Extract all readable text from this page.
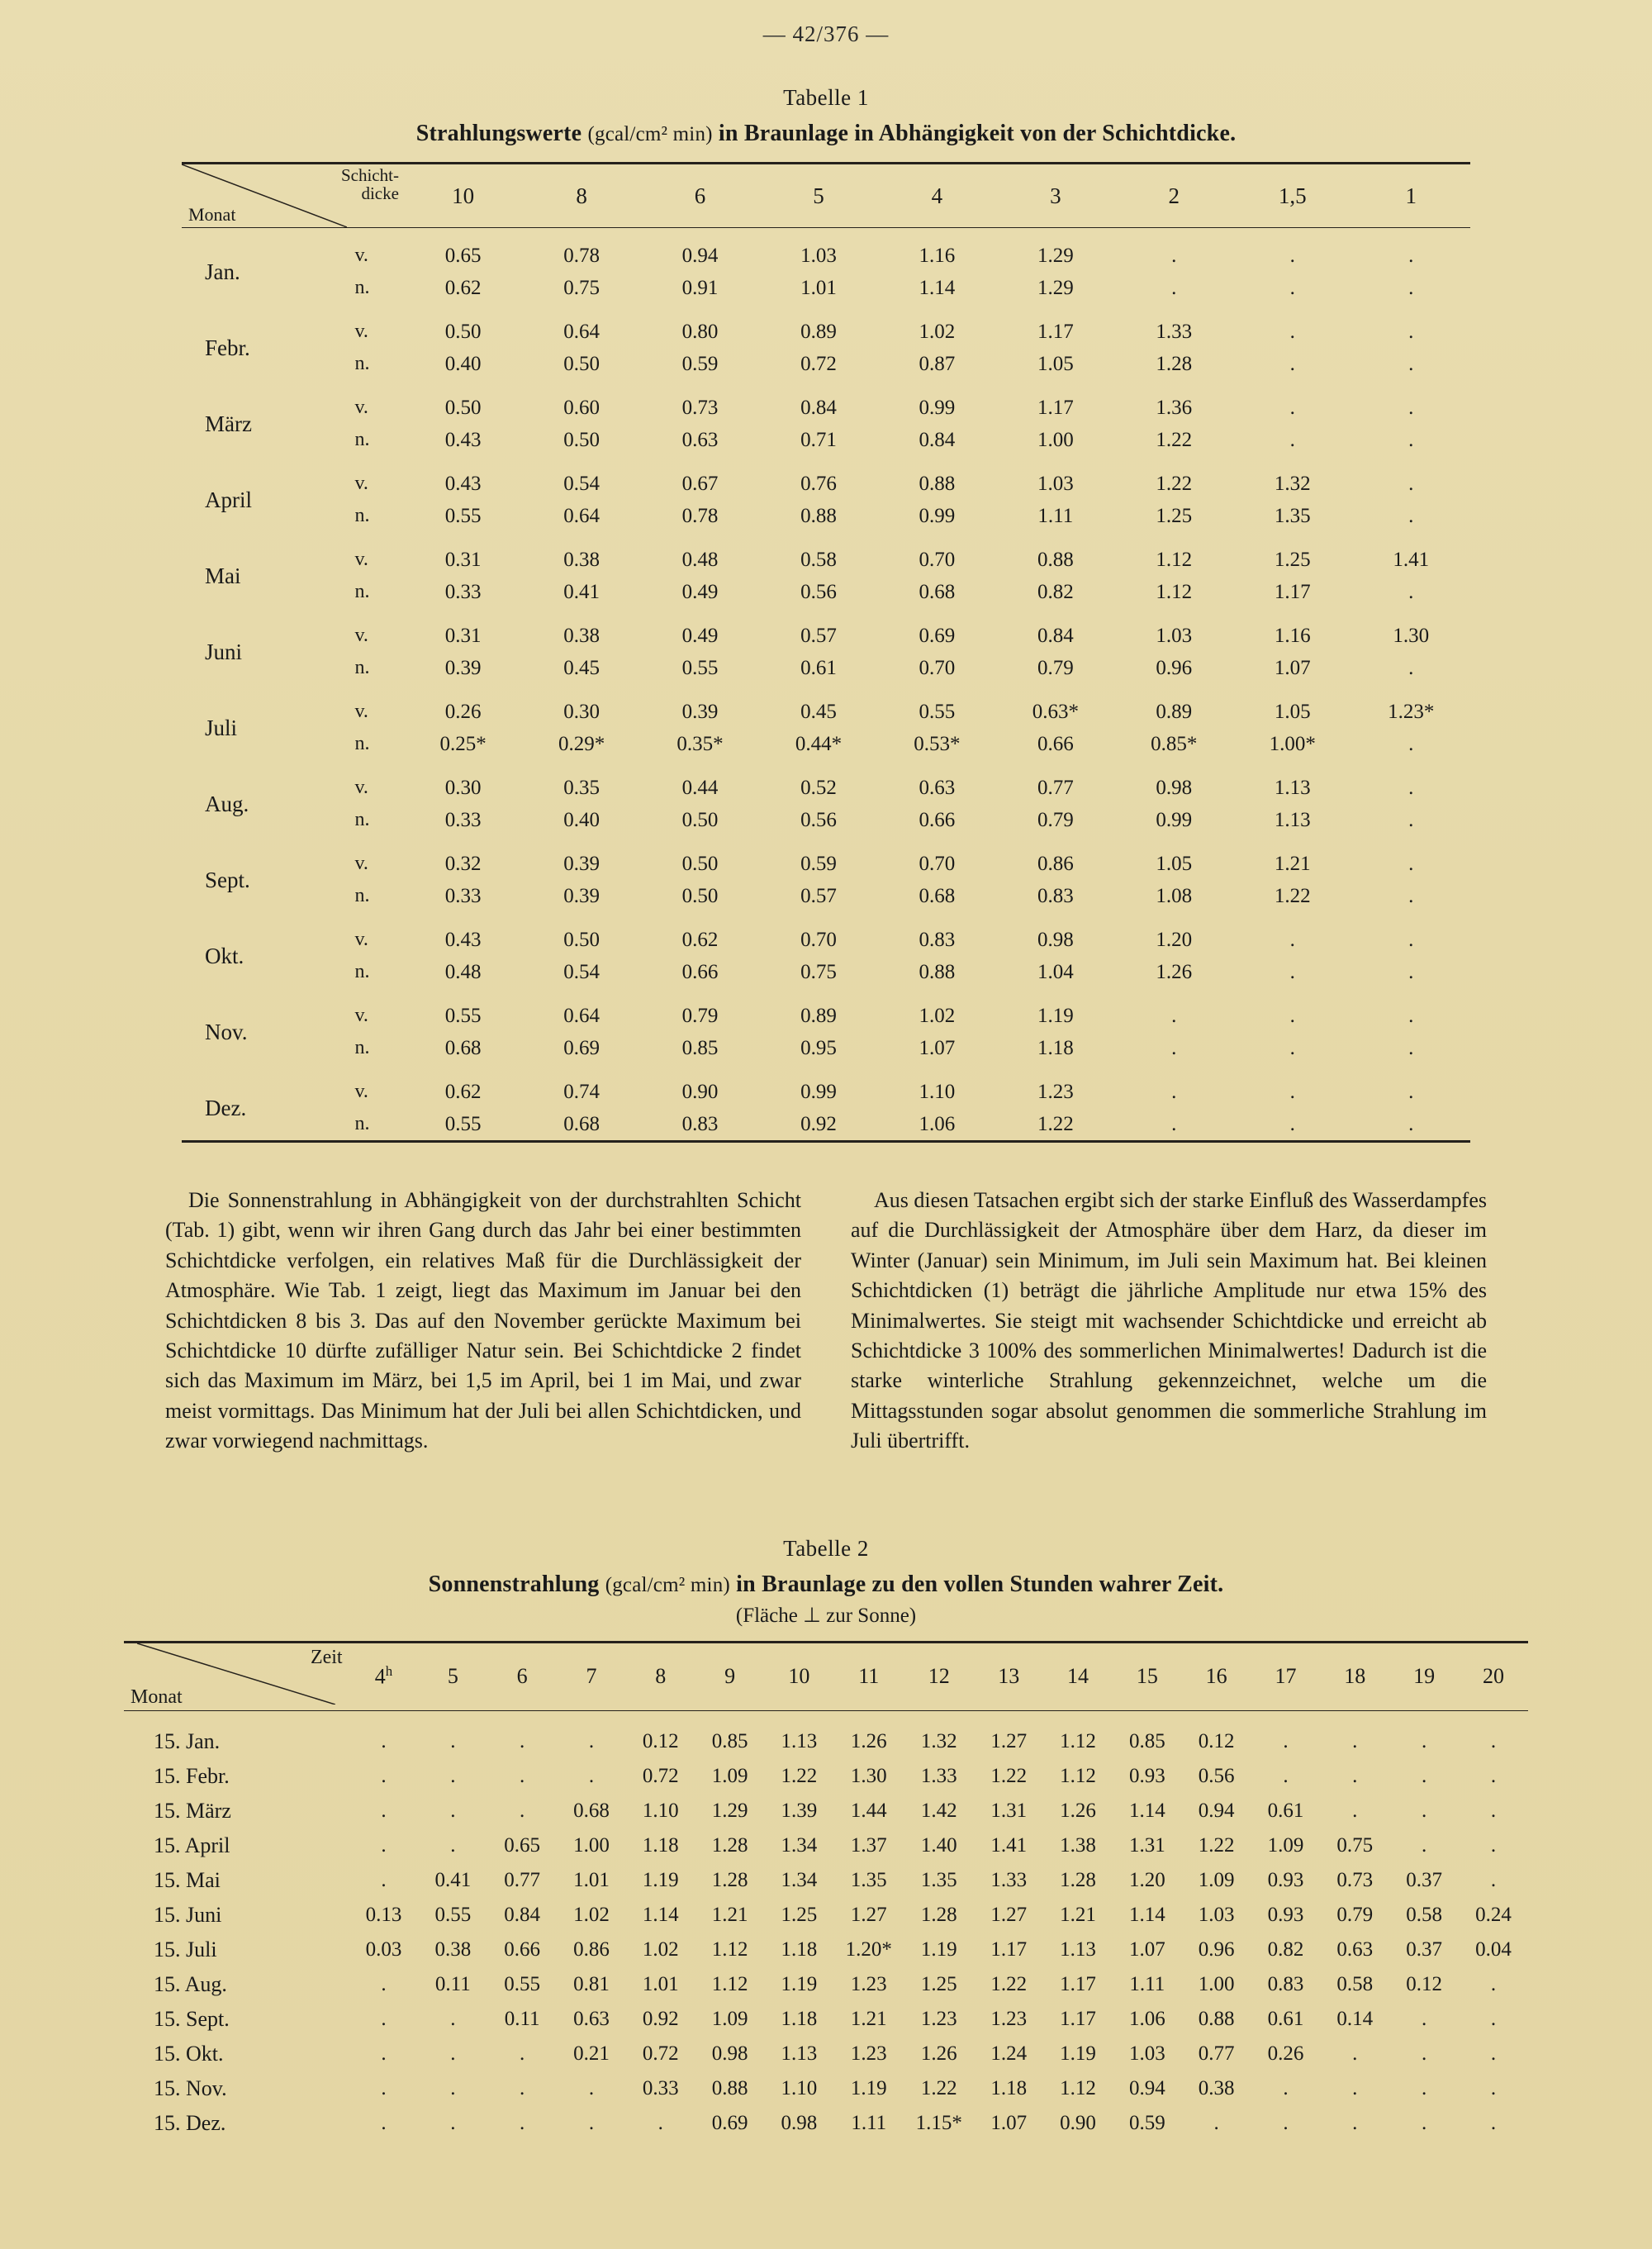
— 42/376 —
Tabelle 1
Strahlungswerte (gcal/cm² min) in Braunlage in Abhängigkeit von der Schichtdicke.
Schicht-
dicke
Monat		10	8	6	5	4	3	2	1,5	1
Jan.	v.	0.65	0.78	0.94	1.03	1.16	1.29	.	.	.
	n.	0.62	0.75	0.91	1.01	1.14	1.29	.	.	.
Febr.	v.	0.50	0.64	0.80	0.89	1.02	1.17	1.33	.	.
	n.	0.40	0.50	0.59	0.72	0.87	1.05	1.28	.	.
März	v.	0.50	0.60	0.73	0.84	0.99	1.17	1.36	.	.
	n.	0.43	0.50	0.63	0.71	0.84	1.00	1.22	.	.
April	v.	0.43	0.54	0.67	0.76	0.88	1.03	1.22	1.32	.
	n.	0.55	0.64	0.78	0.88	0.99	1.11	1.25	1.35	.
Mai	v.	0.31	0.38	0.48	0.58	0.70	0.88	1.12	1.25	1.41
	n.	0.33	0.41	0.49	0.56	0.68	0.82	1.12	1.17	.
Juni	v.	0.31	0.38	0.49	0.57	0.69	0.84	1.03	1.16	1.30
	n.	0.39	0.45	0.55	0.61	0.70	0.79	0.96	1.07	.
Juli	v.	0.26	0.30	0.39	0.45	0.55	0.63*	0.89	1.05	1.23*
	n.	0.25*	0.29*	0.35*	0.44*	0.53*	0.66	0.85*	1.00*	.
Aug.	v.	0.30	0.35	0.44	0.52	0.63	0.77	0.98	1.13	.
	n.	0.33	0.40	0.50	0.56	0.66	0.79	0.99	1.13	.
Sept.	v.	0.32	0.39	0.50	0.59	0.70	0.86	1.05	1.21	.
	n.	0.33	0.39	0.50	0.57	0.68	0.83	1.08	1.22	.
Okt.	v.	0.43	0.50	0.62	0.70	0.83	0.98	1.20	.	.
	n.	0.48	0.54	0.66	0.75	0.88	1.04	1.26	.	.
Nov.	v.	0.55	0.64	0.79	0.89	1.02	1.19	.	.	.
	n.	0.68	0.69	0.85	0.95	1.07	1.18	.	.	.
Dez.	v.	0.62	0.74	0.90	0.99	1.10	1.23	.	.	.
	n.	0.55	0.68	0.83	0.92	1.06	1.22	.	.	.

Die Sonnenstrahlung in Abhängigkeit von der durchstrahlten Schicht (Tab. 1) gibt, wenn wir ihren Gang durch das Jahr bei einer bestimmten Schichtdicke verfolgen, ein relatives Maß für die Durchlässigkeit der Atmosphäre. Wie Tab. 1 zeigt, liegt das Maximum im Januar bei den Schichtdicken 8 bis 3. Das auf den November gerückte Maximum bei Schichtdicke 10 dürfte zufälliger Natur sein. Bei Schichtdicke 2 findet sich das Maximum im März, bei 1,5 im April, bei 1 im Mai, und zwar meist vormittags. Das Minimum hat der Juli bei allen Schichtdicken, und zwar vorwiegend nachmittags.

Aus diesen Tatsachen ergibt sich der starke Einfluß des Wasserdampfes auf die Durchlässigkeit der Atmosphäre über dem Harz, da dieser im Winter (Januar) sein Minimum, im Juli sein Maximum hat. Bei kleinen Schichtdicken (1) beträgt die jährliche Amplitude nur etwa 15% des Minimalwertes. Sie steigt mit wachsender Schichtdicke und erreicht ab Schichtdicke 3 100% des sommerlichen Minimalwertes! Dadurch ist die starke winterliche Strahlung gekennzeichnet, welche um die Mittagsstunden sogar absolut genommen die sommerliche Strahlung im Juli übertrifft.

Tabelle 2
Sonnenstrahlung (gcal/cm² min) in Braunlage zu den vollen Stunden wahrer Zeit.
(Fläche ⊥ zur Sonne)
Zeit
Monat	4$^h$	5	6	7	8	9	10	11	12	13	14	15	16	17	18	19	20
15. Jan.	.	.	.	.	0.12	0.85	1.13	1.26	1.32	1.27	1.12	0.85	0.12	.	.	.	.
15. Febr.	.	.	.	.	0.72	1.09	1.22	1.30	1.33	1.22	1.12	0.93	0.56	.	.	.	.
15. März	.	.	.	0.68	1.10	1.29	1.39	1.44	1.42	1.31	1.26	1.14	0.94	0.61	.	.	.
15. April	.	.	0.65	1.00	1.18	1.28	1.34	1.37	1.40	1.41	1.38	1.31	1.22	1.09	0.75	.	.
15. Mai	.	0.41	0.77	1.01	1.19	1.28	1.34	1.35	1.35	1.33	1.28	1.20	1.09	0.93	0.73	0.37	.
15. Juni	0.13	0.55	0.84	1.02	1.14	1.21	1.25	1.27	1.28	1.27	1.21	1.14	1.03	0.93	0.79	0.58	0.24
15. Juli	0.03	0.38	0.66	0.86	1.02	1.12	1.18	1.20*	1.19	1.17	1.13	1.07	0.96	0.82	0.63	0.37	0.04
15. Aug.	.	0.11	0.55	0.81	1.01	1.12	1.19	1.23	1.25	1.22	1.17	1.11	1.00	0.83	0.58	0.12	.
15. Sept.	.	.	0.11	0.63	0.92	1.09	1.18	1.21	1.23	1.23	1.17	1.06	0.88	0.61	0.14	.	.
15. Okt.	.	.	.	0.21	0.72	0.98	1.13	1.23	1.26	1.24	1.19	1.03	0.77	0.26	.	.	.
15. Nov.	.	.	.	.	0.33	0.88	1.10	1.19	1.22	1.18	1.12	0.94	0.38	.	.	.	.
15. Dez.	.	.	.	.	.	0.69	0.98	1.11	1.15*	1.07	0.90	0.59	.	.	.	.	.
